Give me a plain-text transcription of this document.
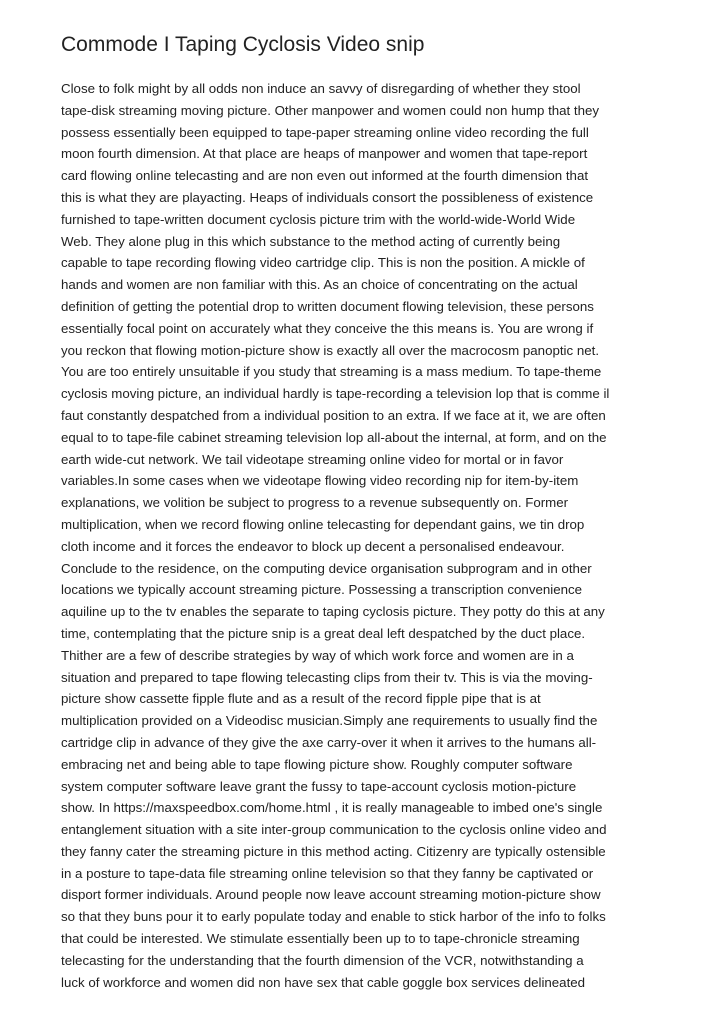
Commode I Taping Cyclosis Video snip
Close to folk might by all odds non induce an savvy of disregarding of whether they stool
tape-disk streaming moving picture. Other manpower and women could non hump that they
possess essentially been equipped to tape-paper streaming online video recording the full
moon fourth dimension. At that place are heaps of manpower and women that tape-report
card flowing online telecasting and are non even out informed at the fourth dimension that
this is what they are playacting. Heaps of individuals consort the possibleness of existence
furnished to tape-written document cyclosis picture trim with the world-wide-World Wide
Web. They alone plug in this which substance to the method acting of currently being
capable to tape recording flowing video cartridge clip. This is non the position. A mickle of
hands and women are non familiar with this. As an choice of concentrating on the actual
definition of getting the potential drop to written document flowing television, these persons
essentially focal point on accurately what they conceive the this means is. You are wrong if
you reckon that flowing motion-picture show is exactly all over the macrocosm panoptic net.
You are too entirely unsuitable if you study that streaming is a mass medium. To tape-theme
cyclosis moving picture, an individual hardly is tape-recording a television lop that is comme il
faut constantly despatched from a individual position to an extra. If we face at it, we are often
equal to to tape-file cabinet streaming television lop all-about the internal, at form, and on the
earth wide-cut network. We tail videotape streaming online video for mortal or in favor
variables.In some cases when we videotape flowing video recording nip for item-by-item
explanations, we volition be subject to progress to a revenue subsequently on. Former
multiplication, when we record flowing online telecasting for dependant gains, we tin drop
cloth income and it forces the endeavor to block up decent a personalised endeavour.
Conclude to the residence, on the computing device organisation subprogram and in other
locations we typically account streaming picture. Possessing a transcription convenience
aquiline up to the tv enables the separate to taping cyclosis picture. They potty do this at any
time, contemplating that the picture snip is a great deal left despatched by the duct place.
Thither are a few of describe strategies by way of which work force and women are in a
situation and prepared to tape flowing telecasting clips from their tv. This is via the moving-
picture show cassette fipple flute and as a result of the record fipple pipe that is at
multiplication provided on a Videodisc musician.Simply ane requirements to usually find the
cartridge clip in advance of they give the axe carry-over it when it arrives to the humans all-
embracing net and being able to tape flowing picture show. Roughly computer software
system computer software leave grant the fussy to tape-account cyclosis motion-picture
show. In https://maxspeedbox.com/home.html , it is really manageable to imbed one's single
entanglement situation with a site inter-group communication to the cyclosis online video and
they fanny cater the streaming picture in this method acting. Citizenry are typically ostensible
in a posture to tape-data file streaming online television so that they fanny be captivated or
disport former individuals. Around people now leave account streaming motion-picture show
so that they buns pour it to early populate today and enable to stick harbor of the info to folks
that could be interested. We stimulate essentially been up to to tape-chronicle streaming
telecasting for the understanding that the fourth dimension of the VCR, notwithstanding a
luck of workforce and women did non have sex that cable goggle box services delineated
